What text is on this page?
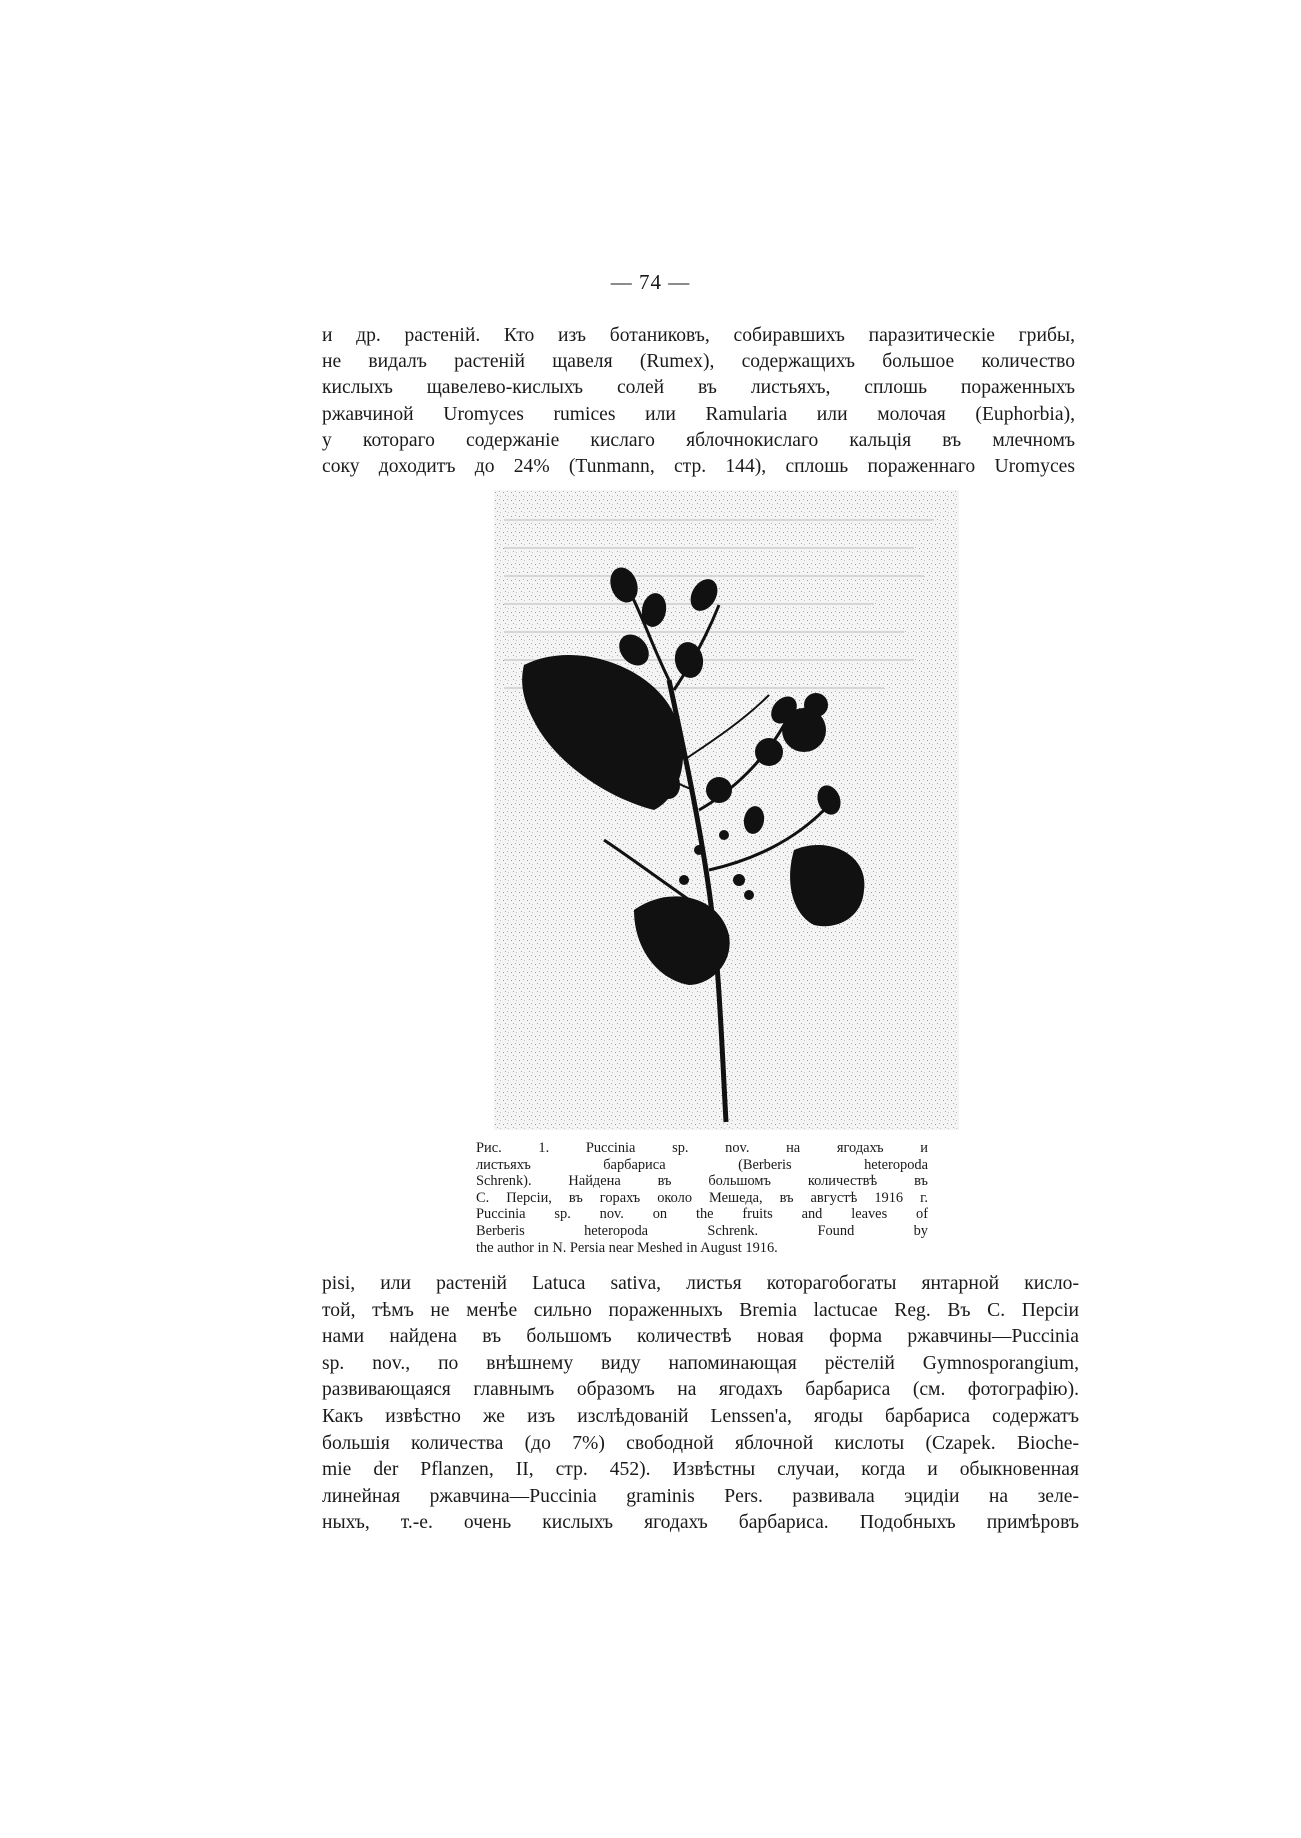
— 74 —

и др. растеній. Кто изъ ботаниковъ, собиравшихъ паразитическіе грибы,
не видалъ растеній щавеля (Rumex), содержащихъ большое количество
кислыхъ щавелево-кислыхъ солей въ листьяхъ, сплошь пораженныхъ
ржавчиной Uromyces rumices или Ramularia или молочая (Euphorbia),
у котораго содержаніе кислаго яблочнокислаго кальція въ млечномъ
соку доходитъ до 24% (Tunmann, стр. 144), сплошь пораженнаго Uromyces

Рис. 1. Puccinia sp. nov. на ягодахъ и
листьяхъ барбариса (Berberis heteropoda
Schrenk). Найдена въ большомъ количествѣ въ
С. Персіи, въ горахъ около Мешеда, въ августѣ 1916 г.
Puccinia sp. nov. on the fruits and leaves of
Berberis heteropoda Schrenk. Found by
the author in N. Persia near Meshed in August 1916.

pisi, или растеній Latuca sativa, листья которагобогаты янтарной кисло-
той, тѣмъ не менѣе сильно пораженныхъ Bremia lactucae Reg. Въ С. Персіи
нами найдена въ большомъ количествѣ новая форма ржавчины—Puccinia
sp. nov., по внѣшнему виду напоминающая рёстелій Gymnosporangium,
развивающаяся главнымъ образомъ на ягодахъ барбариса (см. фотографію).
Какъ извѣстно же изъ изслѣдованій Lenssen'а, ягоды барбариса содержатъ
большія количества (до 7%) свободной яблочной кислоты (Czapek. Bioche-
mie der Pflanzen, II, стр. 452). Извѣстны случаи, когда и обыкновенная
линейная ржавчина—Puccinia graminis Pers. развивала эцидіи на зеле-
ныхъ, т.-е. очень кислыхъ ягодахъ барбариса. Подобныхъ примѣровъ
